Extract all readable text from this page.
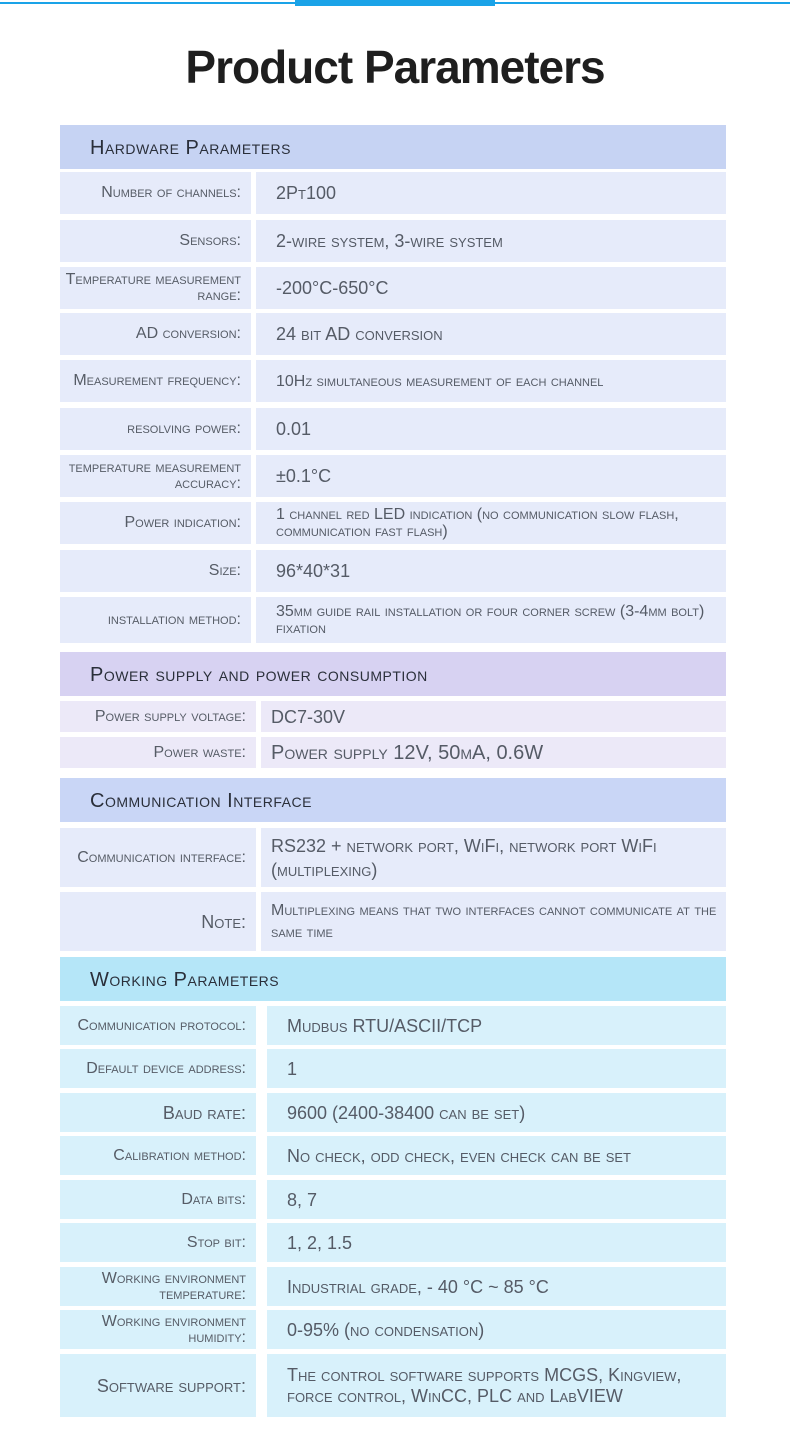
Product Parameters
Hardware Parameters
Number of channels:	2Pt100
Sensors:	2-wire system, 3-wire system
Temperature measurement range:	-200°C-650°C
AD conversion:	24 bit AD conversion
Measurement frequency:	10Hz simultaneous measurement of each channel
resolving power:	0.01
temperature measurement accuracy:	±0.1°C
Power indication:	1 channel red LED indication (no communication slow flash, communication fast flash)
Size:	96*40*31
installation method:	35mm guide rail installation or four corner screw (3-4mm bolt) fixation
Power supply and power consumption
Power supply voltage:	DC7-30V
Power waste:	Power supply 12V, 50mA, 0.6W
Communication Interface
Communication interface:
RS232 + network port, WiFi, network port WiFi (multiplexing)
Note:
Multiplexing means that two interfaces cannot communicate at the same time
Working Parameters
Communication protocol:	Mudbus RTU/ASCII/TCP
Default device address:	1
Baud rate:	9600 (2400-38400 can be set)
Calibration method:	No check, odd check, even check can be set
Data bits:	8, 7
Stop bit:	1, 2, 1.5
Working environment temperature:	Industrial grade, - 40 °C ~ 85 °C
Working environment humidity:	0-95% (no condensation)
Software support:
The control software supports MCGS, Kingview, force control, WinCC, PLC and LabVIEW
